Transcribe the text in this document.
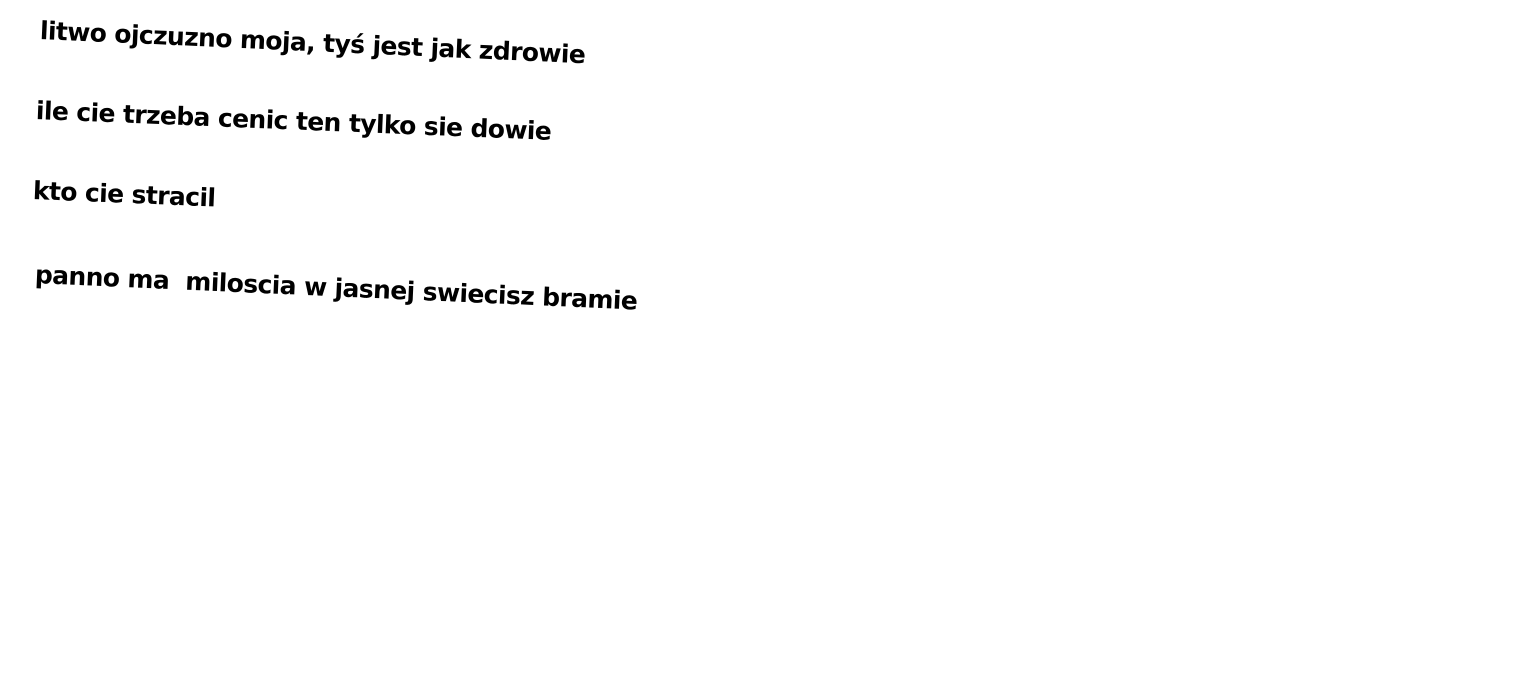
litwo ojczuzno moja, tyś jest jak zdrowie
ile cie trzeba cenic ten tylko sie dowie
kto cie stracil
panno ma  miloscia w jasnej swiecisz bramie
